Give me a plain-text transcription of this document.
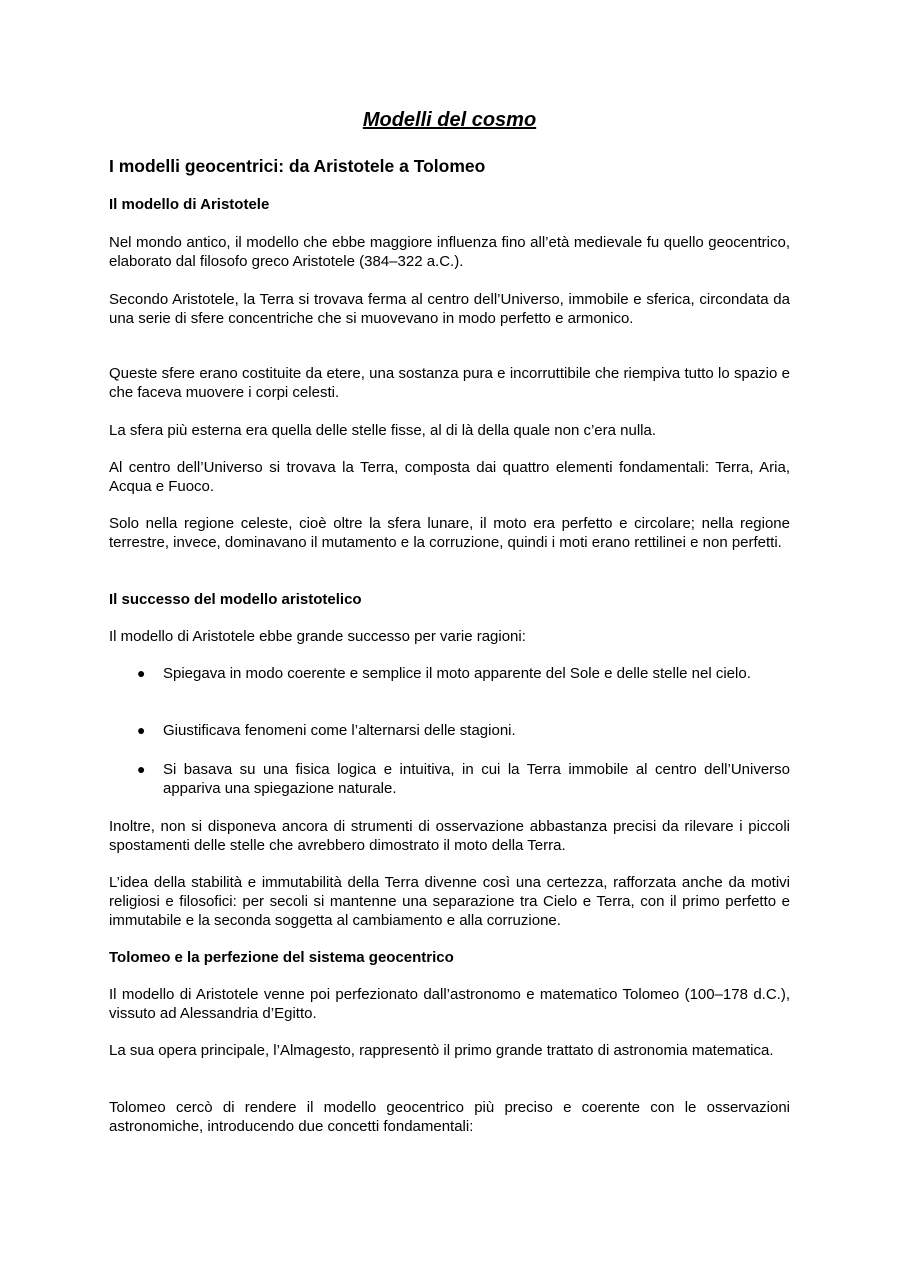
Modelli del cosmo
I modelli geocentrici: da Aristotele a Tolomeo
Il modello di Aristotele

Nel mondo antico, il modello che ebbe maggiore influenza fino all’età medievale fu quello geocentrico, elaborato dal filosofo greco Aristotele (384–322 a.C.).

Secondo Aristotele, la Terra si trovava ferma al centro dell’Universo, immobile e sferica, circondata da una serie di sfere concentriche che si muovevano in modo perfetto e armonico.

Queste sfere erano costituite da etere, una sostanza pura e incorruttibile che riempiva tutto lo spazio e che faceva muovere i corpi celesti.

La sfera più esterna era quella delle stelle fisse, al di là della quale non c’era nulla.

Al centro dell’Universo si trovava la Terra, composta dai quattro elementi fondamentali: Terra, Aria, Acqua e Fuoco.

Solo nella regione celeste, cioè oltre la sfera lunare, il moto era perfetto e circolare; nella regione terrestre, invece, dominavano il mutamento e la corruzione, quindi i moti erano rettilinei e non perfetti.

Il successo del modello aristotelico

Il modello di Aristotele ebbe grande successo per varie ragioni:

● Spiegava in modo coerente e semplice il moto apparente del Sole e delle stelle nel cielo.

● Giustificava fenomeni come l’alternarsi delle stagioni.

● Si basava su una fisica logica e intuitiva, in cui la Terra immobile al centro dell’Universo appariva una spiegazione naturale.

Inoltre, non si disponeva ancora di strumenti di osservazione abbastanza precisi da rilevare i piccoli spostamenti delle stelle che avrebbero dimostrato il moto della Terra.

L’idea della stabilità e immutabilità della Terra divenne così una certezza, rafforzata anche da motivi religiosi e filosofici: per secoli si mantenne una separazione tra Cielo e Terra, con il primo perfetto e immutabile e la seconda soggetta al cambiamento e alla corruzione.

Tolomeo e la perfezione del sistema geocentrico

Il modello di Aristotele venne poi perfezionato dall’astronomo e matematico Tolomeo (100–178 d.C.), vissuto ad Alessandria d’Egitto.

La sua opera principale, l’Almagesto, rappresentò il primo grande trattato di astronomia matematica.

Tolomeo cercò di rendere il modello geocentrico più preciso e coerente con le osservazioni astronomiche, introducendo due concetti fondamentali:
